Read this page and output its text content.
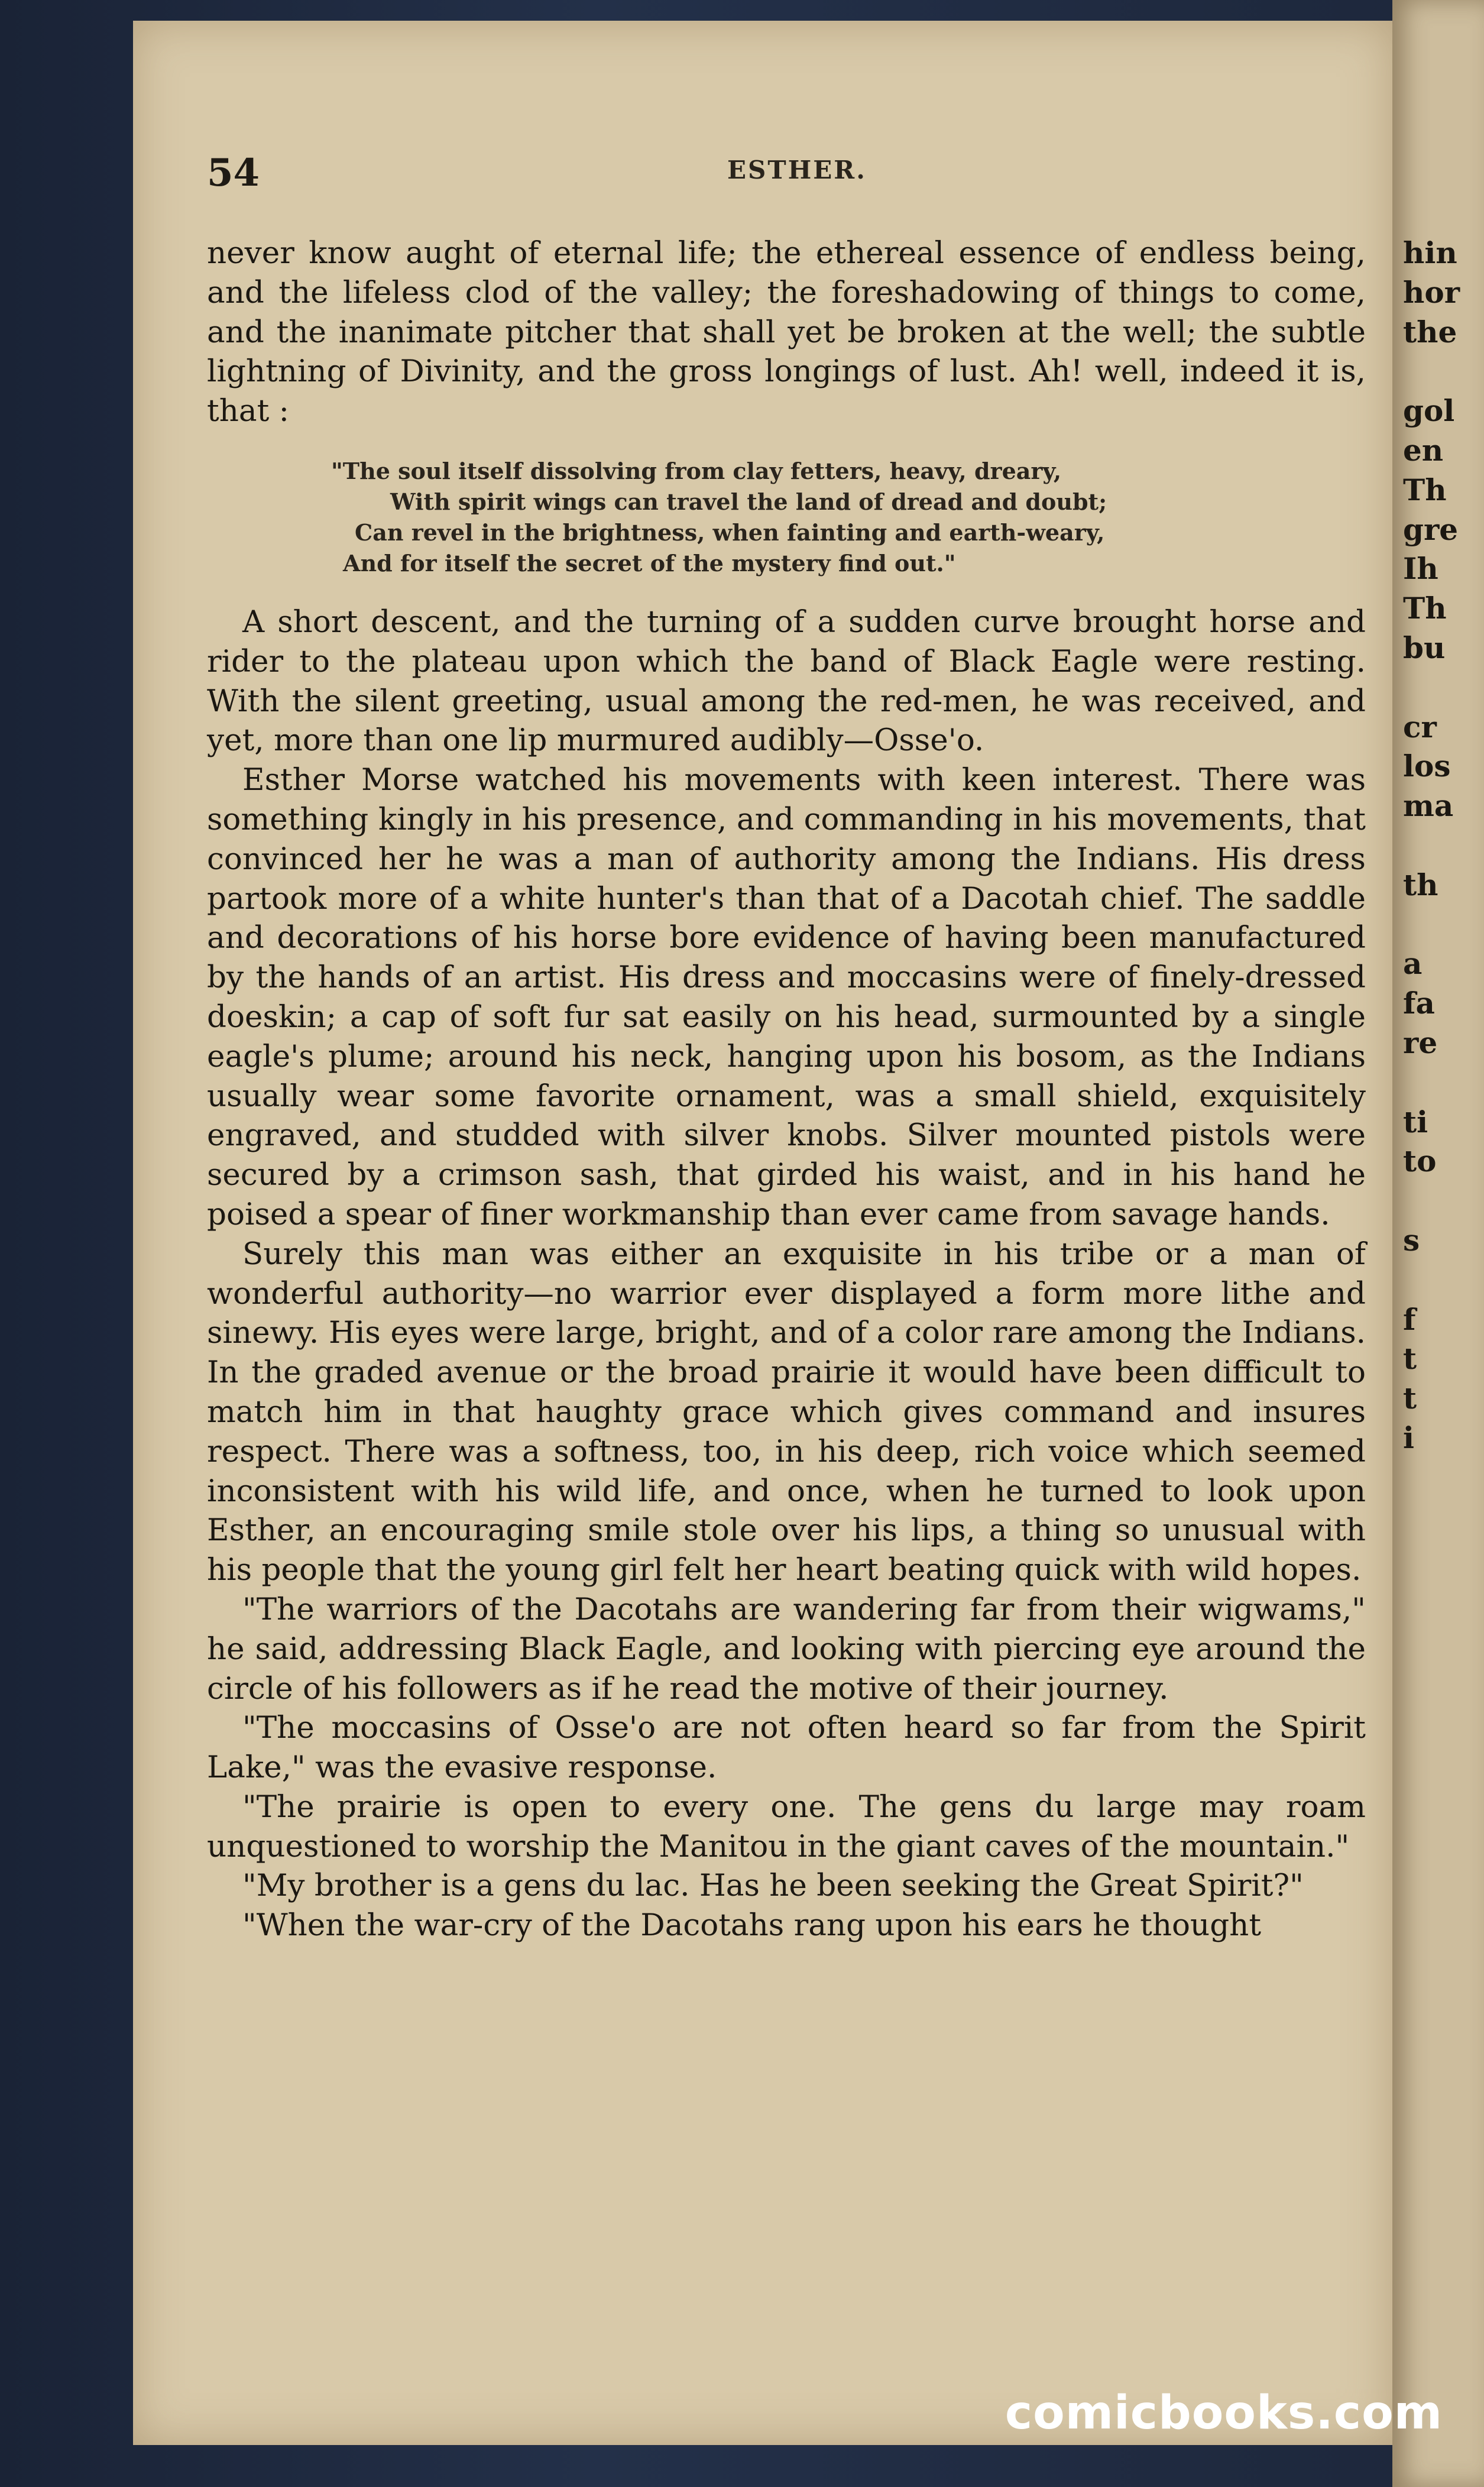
hin
hor
the
gol
en
Th
gre
Ih
Th
bu
cr
los
ma
th
a
fa
re
ti
to
s
f
t
t
i
54	ESTHER.

never know aught of eternal life; the ethereal essence of endless being, and the lifeless clod of the valley; the foreshadowing of things to come, and the inanimate pitcher that shall yet be broken at the well; the subtle lightning of Divinity, and the gross longings of lust. Ah! well, indeed it is, that :

"The soul itself dissolving from clay fetters, heavy, dreary,
With spirit wings can travel the land of dread and doubt;
Can revel in the brightness, when fainting and earth-weary,
And for itself the secret of the mystery find out."

A short descent, and the turning of a sudden curve brought horse and rider to the plateau upon which the band of Black Eagle were resting. With the silent greeting, usual among the red-men, he was received, and yet, more than one lip murmured audibly—Osse'o.

Esther Morse watched his movements with keen interest. There was something kingly in his presence, and commanding in his movements, that convinced her he was a man of authority among the Indians. His dress partook more of a white hunter's than that of a Dacotah chief. The saddle and decorations of his horse bore evidence of having been manufactured by the hands of an artist. His dress and moccasins were of finely-dressed doeskin; a cap of soft fur sat easily on his head, surmounted by a single eagle's plume; around his neck, hanging upon his bosom, as the Indians usually wear some favorite ornament, was a small shield, exquisitely engraved, and studded with silver knobs. Silver mounted pistols were secured by a crimson sash, that girded his waist, and in his hand he poised a spear of finer workmanship than ever came from savage hands.

Surely this man was either an exquisite in his tribe or a man of wonderful authority—no warrior ever displayed a form more lithe and sinewy. His eyes were large, bright, and of a color rare among the Indians. In the graded avenue or the broad prairie it would have been difficult to match him in that haughty grace which gives command and insures respect. There was a softness, too, in his deep, rich voice which seemed inconsistent with his wild life, and once, when he turned to look upon Esther, an encouraging smile stole over his lips, a thing so unusual with his people that the young girl felt her heart beating quick with wild hopes.

"The warriors of the Dacotahs are wandering far from their wigwams," he said, addressing Black Eagle, and looking with piercing eye around the circle of his followers as if he read the motive of their journey.

"The moccasins of Osse'o are not often heard so far from the Spirit Lake," was the evasive response.

"The prairie is open to every one. The gens du large may roam unquestioned to worship the Manitou in the giant caves of the mountain."

"My brother is a gens du lac. Has he been seeking the Great Spirit?"

"When the war-cry of the Dacotahs rang upon his ears he thought

comicbooks.com
